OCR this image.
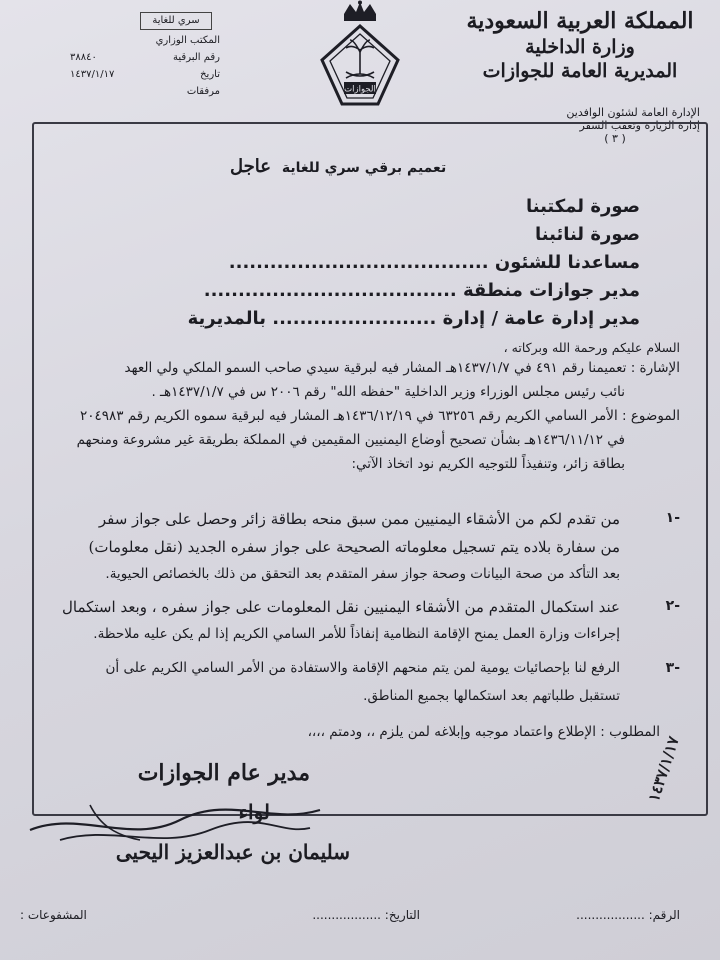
المملكة العربية السعودية
وزارة الداخلية
المديرية العامة للجوازات
الإدارة العامة لشئون الوافدين
إدارة الزيارة وتعقب السفر
( ٣ )
الجوازات
سري للغاية
المكتب الوزاري
رقم البرقية
٣٨٨٤٠
تاريخ
١٤٣٧/١/١٧
مرفقات
تعميم برقي سري للغاية عاجل
صورة لمكتبنا
صورة لنائبنا
مساعدنا للشئون ......................................
مدير جوازات منطقة .....................................
مدير إدارة عامة / إدارة ........................ بالمديرية
السلام عليكم ورحمة الله وبركاته ،
الإشارة : تعميمنا رقم ٤٩١ في ١٤٣٧/١/٧هـ المشار فيه لبرقية سيدي صاحب السمو الملكي ولي العهد
نائب رئيس مجلس الوزراء وزير الداخلية "حفظه الله" رقم ٢٠٠٦ س في ١٤٣٧/١/٧هـ .
الموضوع : الأمر السامي الكريم رقم ٦٣٢٥٦ في ١٤٣٦/١٢/١٩هـ المشار فيه لبرقية سموه الكريم رقم ٢٠٤٩٨٣
في ١٤٣٦/١١/١٢هـ بشأن تصحيح أوضاع اليمنيين المقيمين في المملكة بطريقة غير مشروعة ومنحهم
بطاقة زائر، وتنفيذاً للتوجيه الكريم نود اتخاذ الآتي:
١-
من تقدم لكم من الأشقاء اليمنيين ممن سبق منحه بطاقة زائر وحصل على جواز سفر
من سفارة بلاده يتم تسجيل معلوماته الصحيحة على جواز سفره الجديد (نقل معلومات)
بعد التأكد من صحة البيانات وصحة جواز سفر المتقدم بعد التحقق من ذلك بالخصائص الحيوية.
٢-
عند استكمال المتقدم من الأشقاء اليمنيين نقل المعلومات على جواز سفره ، وبعد استكمال
إجراءات وزارة العمل يمنح الإقامة النظامية إنفاذاً للأمر السامي الكريم إذا لم يكن عليه ملاحظة.
٣-
الرفع لنا بإحصائيات يومية لمن يتم منحهم الإقامة والاستفادة من الأمر السامي الكريم على أن
تستقبل طلباتهم بعد استكمالها بجميع المناطق.
المطلوب : الإطلاع واعتماد موجبه وإبلاغه لمن يلزم ،، ودمتم ،،،،
١٤٣٧/١/١٧
مدير عام الجوازات
لواء
سليمان بن عبدالعزيز اليحيى
الرقم: ..................
التاريخ: ..................
المشفوعات :
